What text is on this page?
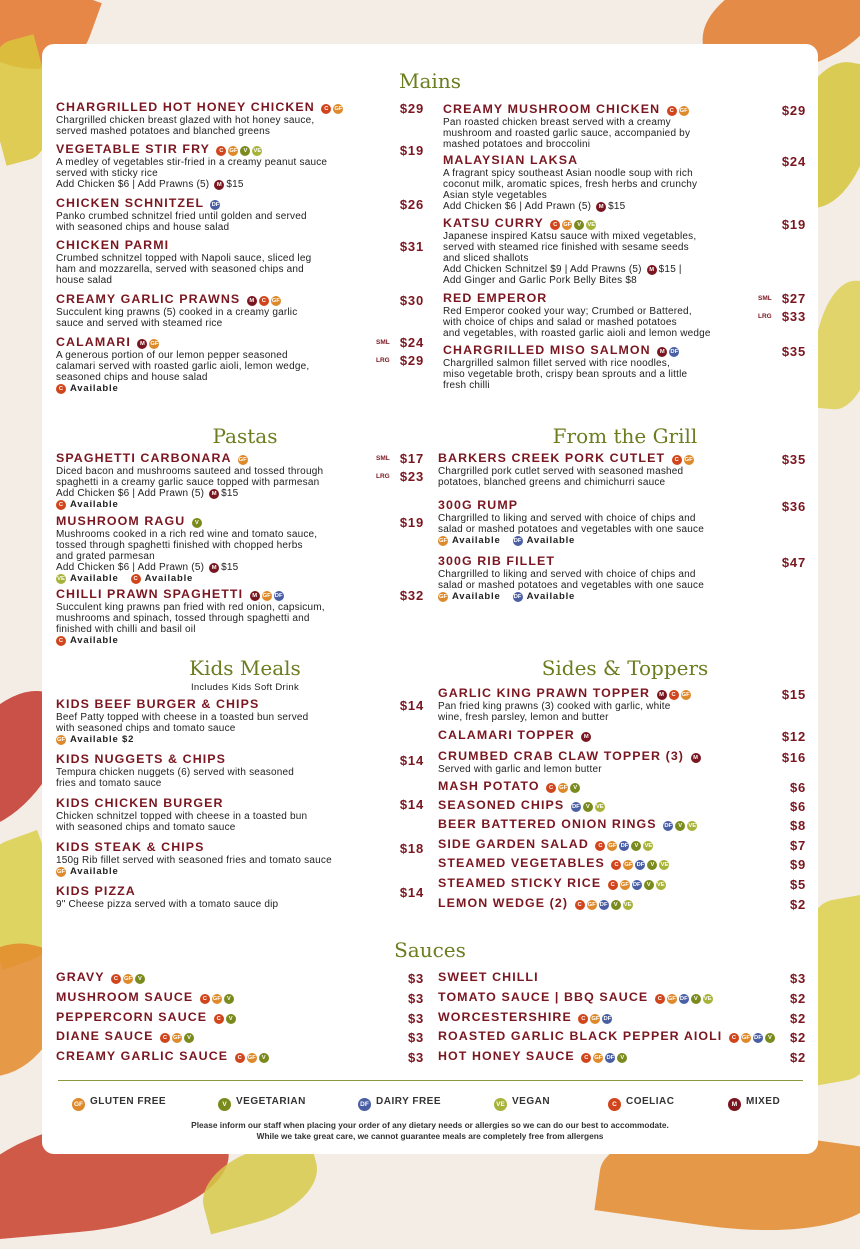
Mains
Pastas	From the Grill
Kids Meals
Includes Kids Soft Drink
Sides & Toppers
Sauces
CHARGRILLED HOT HONEY CHICKEN C GF
Chargrilled chicken breast glazed with hot honey sauce,
served mashed potatoes and blanched greens
$29
VEGETABLE STIR FRY C GF V VE
A medley of vegetables stir-fried in a creamy peanut sauce
served with sticky rice
Add Chicken $6 | Add Prawns (5) M $15
$19
CHICKEN SCHNITZEL DF
Panko crumbed schnitzel fried until golden and served
with seasoned chips and house salad
$26
CHICKEN PARMI
Crumbed schnitzel topped with Napoli sauce, sliced leg
ham and mozzarella, served with seasoned chips and
house salad
$31
CREAMY GARLIC PRAWNS M C GF
Succulent king prawns (5) cooked in a creamy garlic
sauce and served with steamed rice
$30
CALAMARI M GF
A generous portion of our lemon pepper seasoned
calamari served with roasted garlic aioli, lemon wedge,
seasoned chips and house salad
C Available
SML $24
LRG $29
CREAMY MUSHROOM CHICKEN C GF
Pan roasted chicken breast served with a creamy
mushroom and roasted garlic sauce, accompanied by
mashed potatoes and broccolini
$29
MALAYSIAN LAKSA
A fragrant spicy southeast Asian noodle soup with rich
coconut milk, aromatic spices, fresh herbs and crunchy
Asian style vegetables
Add Chicken $6 | Add Prawn (5) M $15
$24
KATSU CURRY C GF V VE
Japanese inspired Katsu sauce with mixed vegetables,
served with steamed rice finished with sesame seeds
and sliced shallots
Add Chicken Schnitzel $9 | Add Prawns (5) M $15 |
Add Ginger and Garlic Pork Belly Bites $8
$19
RED EMPEROR
Red Emperor cooked your way; Crumbed or Battered,
with choice of chips and salad or mashed potatoes
and vegetables, with roasted garlic aioli and lemon wedge
SML $27
LRG $33
CHARGRILLED MISO SALMON M DF
Chargrilled salmon fillet served with rice noodles,
miso vegetable broth, crispy bean sprouts and a little
fresh chilli
$35
SPAGHETTI CARBONARA GF
Diced bacon and mushrooms sauteed and tossed through
spaghetti in a creamy garlic sauce topped with parmesan
Add Chicken $6 | Add Prawn (5) M $15
C Available
SML $17
LRG $23
MUSHROOM RAGU V
Mushrooms cooked in a rich red wine and tomato sauce,
tossed through spaghetti finished with chopped herbs
and grated parmesan
Add Chicken $6 | Add Prawn (5) M $15
VE Available	C Available
$19
CHILLI PRAWN SPAGHETTI M GF DF
Succulent king prawns pan fried with red onion, capsicum,
mushrooms and spinach, tossed through spaghetti and
finished with chilli and basil oil
C Available
$32
BARKERS CREEK PORK CUTLET C GF
Chargrilled pork cutlet served with seasoned mashed
potatoes, blanched greens and chimichurri sauce
$35
300G RUMP
Chargrilled to liking and served with choice of chips and
salad or mashed potatoes and vegetables with one sauce
GF Available DF Available
$36
300G RIB FILLET
Chargrilled to liking and served with choice of chips and
salad or mashed potatoes and vegetables with one sauce
GF Available DF Available
$47
KIDS BEEF BURGER & CHIPS
Beef Patty topped with cheese in a toasted bun served
with seasoned chips and tomato sauce
GF Available $2
$14
KIDS NUGGETS & CHIPS
Tempura chicken nuggets (6) served with seasoned
fries and tomato sauce
$14
KIDS CHICKEN BURGER
Chicken schnitzel topped with cheese in a toasted bun
with seasoned chips and tomato sauce
$14
KIDS STEAK & CHIPS
150g Rib fillet served with seasoned fries and tomato sauce
GF Available
$18
KIDS PIZZA
9" Cheese pizza served with a tomato sauce dip
$14
GARLIC KING PRAWN TOPPER M C GF
Pan fried king prawns (3) cooked with garlic, white
wine, fresh parsley, lemon and butter
$15
CALAMARI TOPPER M	$12
CRUMBED CRAB CLAW TOPPER (3) M
Served with garlic and lemon butter
$16
MASH POTATO C GF V	$6
SEASONED CHIPS DF V VE	$6
BEER BATTERED ONION RINGS DF V VE	$8
SIDE GARDEN SALAD C GF DF V VE	$7
STEAMED VEGETABLES C GF DF V VE	$9
STEAMED STICKY RICE C GF DF V VE	$5
LEMON WEDGE (2) C GF DF V VE	$2
GRAVY C GF V	$3
MUSHROOM SAUCE C GF V	$3
PEPPERCORN SAUCE C V	$3
DIANE SAUCE C GF V	$3
CREAMY GARLIC SAUCE C GF V	$3
SWEET CHILLI	$3
TOMATO SAUCE | BBQ SAUCE C GF DF V VE	$2
WORCESTERSHIRE C GF DF	$2
ROASTED GARLIC BLACK PEPPER AIOLI C GF DF V	$2
HOT HONEY SAUCE C GF DF V	$2
GF GLUTEN FREE	V VEGETARIAN	DF DAIRY FREE	VE VEGAN	C COELIAC	M MIXED
Please inform our staff when placing your order of any dietary needs or allergies so we can do our best to accommodate.
While we take great care, we cannot guarantee meals are completely free from allergens
